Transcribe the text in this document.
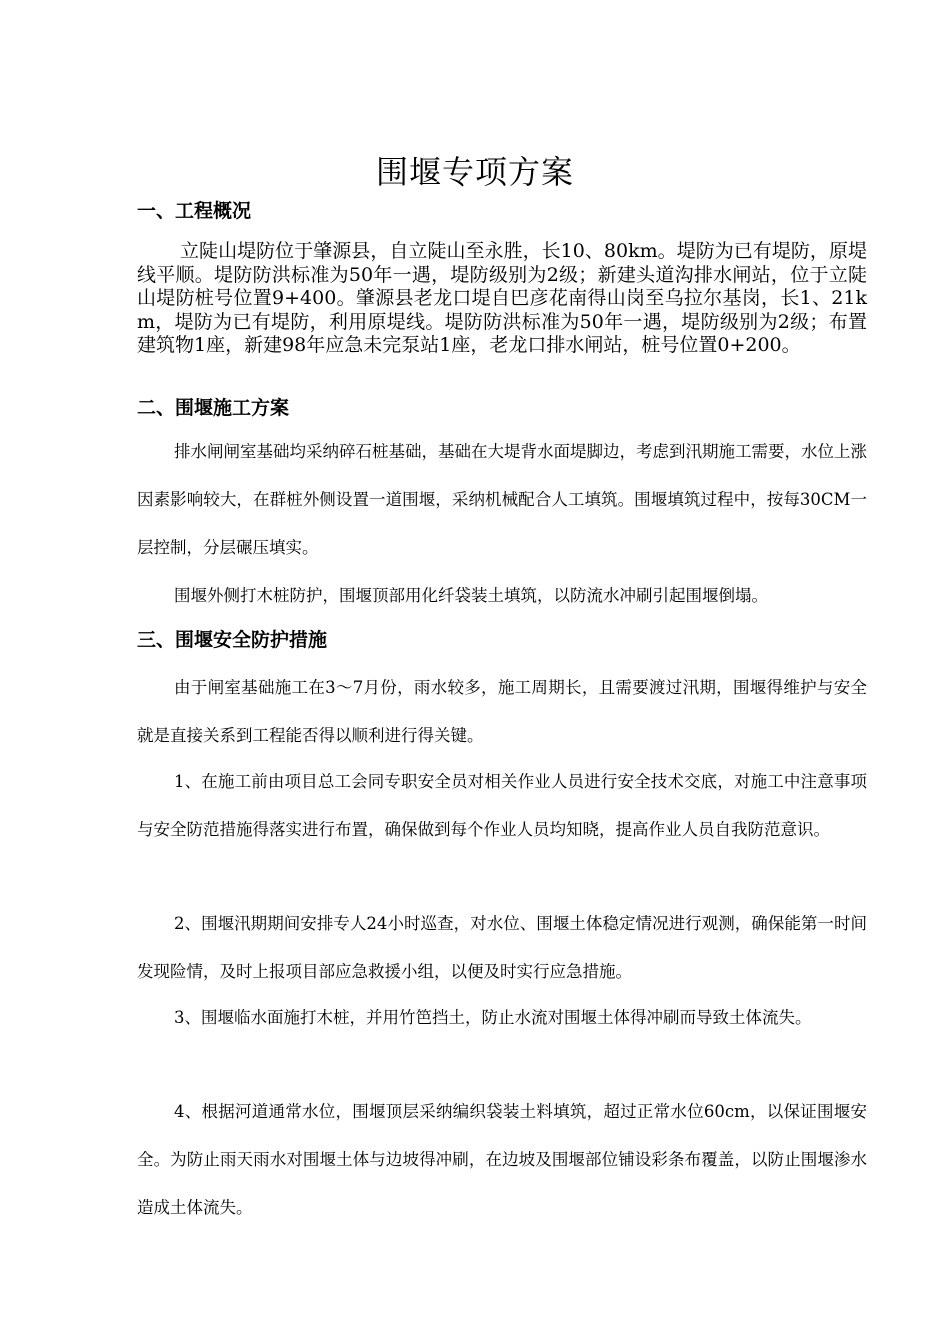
围堰专项方案
一、工程概况
立陡山堤防位于肇源县，自立陡山至永胜，长10、80km。堤防为已有堤防，原堤线平顺。堤防防洪标准为50年一遇，堤防级别为2级；新建头道沟排水闸站，位于立陡山堤防桩号位置9+400。肇源县老龙口堤自巴彦花南得山岗至乌拉尔基岗，长1、21km，堤防为已有堤防，利用原堤线。堤防防洪标准为50年一遇，堤防级别为2级；布置建筑物1座，新建98年应急未完泵站1座，老龙口排水闸站，桩号位置0+200。
二、围堰施工方案
排水闸闸室基础均采纳碎石桩基础，基础在大堤背水面堤脚边，考虑到汛期施工需要，水位上涨因素影响较大，在群桩外侧设置一道围堰，采纳机械配合人工填筑。围堰填筑过程中，按每30CM一层控制，分层碾压填实。
围堰外侧打木桩防护，围堰顶部用化纤袋装土填筑，以防流水冲刷引起围堰倒塌。
三、围堰安全防护措施
由于闸室基础施工在3～7月份，雨水较多，施工周期长，且需要渡过汛期，围堰得维护与安全就是直接关系到工程能否得以顺利进行得关键。
1、在施工前由项目总工会同专职安全员对相关作业人员进行安全技术交底，对施工中注意事项与安全防范措施得落实进行布置，确保做到每个作业人员均知晓，提高作业人员自我防范意识。
2、围堰汛期期间安排专人24小时巡查，对水位、围堰土体稳定情况进行观测，确保能第一时间发现险情，及时上报项目部应急救援小组，以便及时实行应急措施。
3、围堰临水面施打木桩，并用竹笆挡土，防止水流对围堰土体得冲刷而导致土体流失。
4、根据河道通常水位，围堰顶层采纳编织袋装土料填筑，超过正常水位60cm，以保证围堰安全。为防止雨天雨水对围堰土体与边坡得冲刷，在边坡及围堰部位铺设彩条布覆盖，以防止围堰渗水造成土体流失。
